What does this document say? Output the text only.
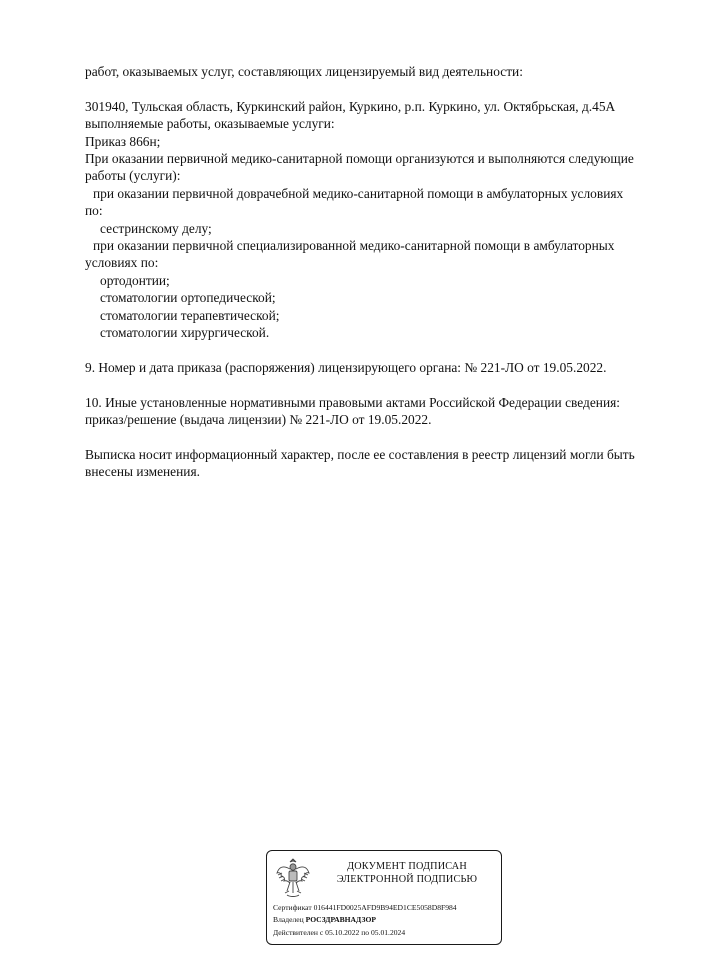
работ, оказываемых услуг, составляющих лицензируемый вид деятельности:
301940, Тульская область, Куркинский район, Куркино, р.п. Куркино, ул. Октябрьская, д.45А
выполняемые работы, оказываемые услуги:
Приказ 866н;
При оказании первичной медико-санитарной помощи организуются и выполняются следующие
работы (услуги):
при оказании первичной доврачебной медико-санитарной помощи в амбулаторных условиях
по:
сестринскому делу;
при оказании первичной специализированной медико-санитарной помощи в амбулаторных
условиях по:
ортодонтии;
стоматологии ортопедической;
стоматологии терапевтической;
стоматологии хирургической.
9. Номер и дата приказа (распоряжения) лицензирующего органа: № 221-ЛО от 19.05.2022.
10. Иные установленные нормативными правовыми актами Российской Федерации сведения:
приказ/решение (выдача лицензии) № 221-ЛО от 19.05.2022.
Выписка носит информационный характер, после ее составления в реестр лицензий могли быть
внесены изменения.
ДОКУМЕНТ ПОДПИСАН
ЭЛЕКТРОННОЙ ПОДПИСЬЮ
Сертификат 016441FD0025AFD9B94ED1CE5058D8F984
Владелец РОСЗДРАВНАДЗОР
Действителен с 05.10.2022 по 05.01.2024
